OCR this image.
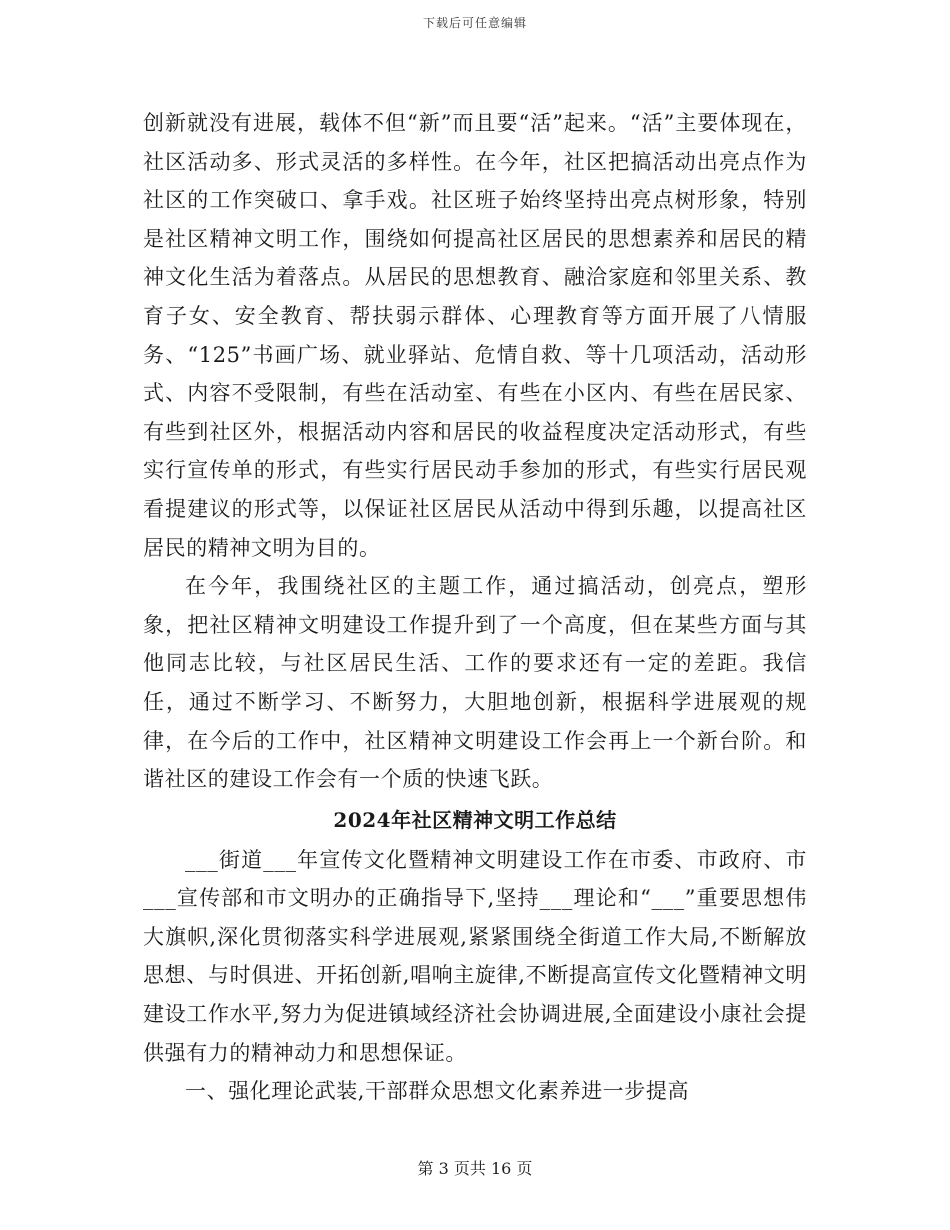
下载后可任意编辑

创新就没有进展，载体不但“新”而且要“活”起来。“活”主要体现在，社区活动多、形式灵活的多样性。在今年，社区把搞活动出亮点作为社区的工作突破口、拿手戏。社区班子始终坚持出亮点树形象，特别是社区精神文明工作，围绕如何提高社区居民的思想素养和居民的精神文化生活为着落点。从居民的思想教育、融洽家庭和邻里关系、教育子女、安全教育、帮扶弱示群体、心理教育等方面开展了八情服务、“125”书画广场、就业驿站、危情自救、等十几项活动，活动形式、内容不受限制，有些在活动室、有些在小区内、有些在居民家、有些到社区外，根据活动内容和居民的收益程度决定活动形式，有些实行宣传单的形式，有些实行居民动手参加的形式，有些实行居民观看提建议的形式等，以保证社区居民从活动中得到乐趣，以提高社区居民的精神文明为目的。

在今年，我围绕社区的主题工作，通过搞活动，创亮点，塑形象，把社区精神文明建设工作提升到了一个高度，但在某些方面与其他同志比较，与社区居民生活、工作的要求还有一定的差距。我信任，通过不断学习、不断努力，大胆地创新，根据科学进展观的规律，在今后的工作中，社区精神文明建设工作会再上一个新台阶。和谐社区的建设工作会有一个质的快速飞跃。

2024年社区精神文明工作总结

___街道___年宣传文化暨精神文明建设工作在市委、市政府、市___宣传部和市文明办的正确指导下,坚持___理论和“___”重要思想伟大旗帜,深化贯彻落实科学进展观,紧紧围绕全街道工作大局,不断解放思想、与时俱进、开拓创新,唱响主旋律,不断提高宣传文化暨精神文明建设工作水平,努力为促进镇域经济社会协调进展,全面建设小康社会提供强有力的精神动力和思想保证。

一、强化理论武装,干部群众思想文化素养进一步提高

第 3 页共 16 页
